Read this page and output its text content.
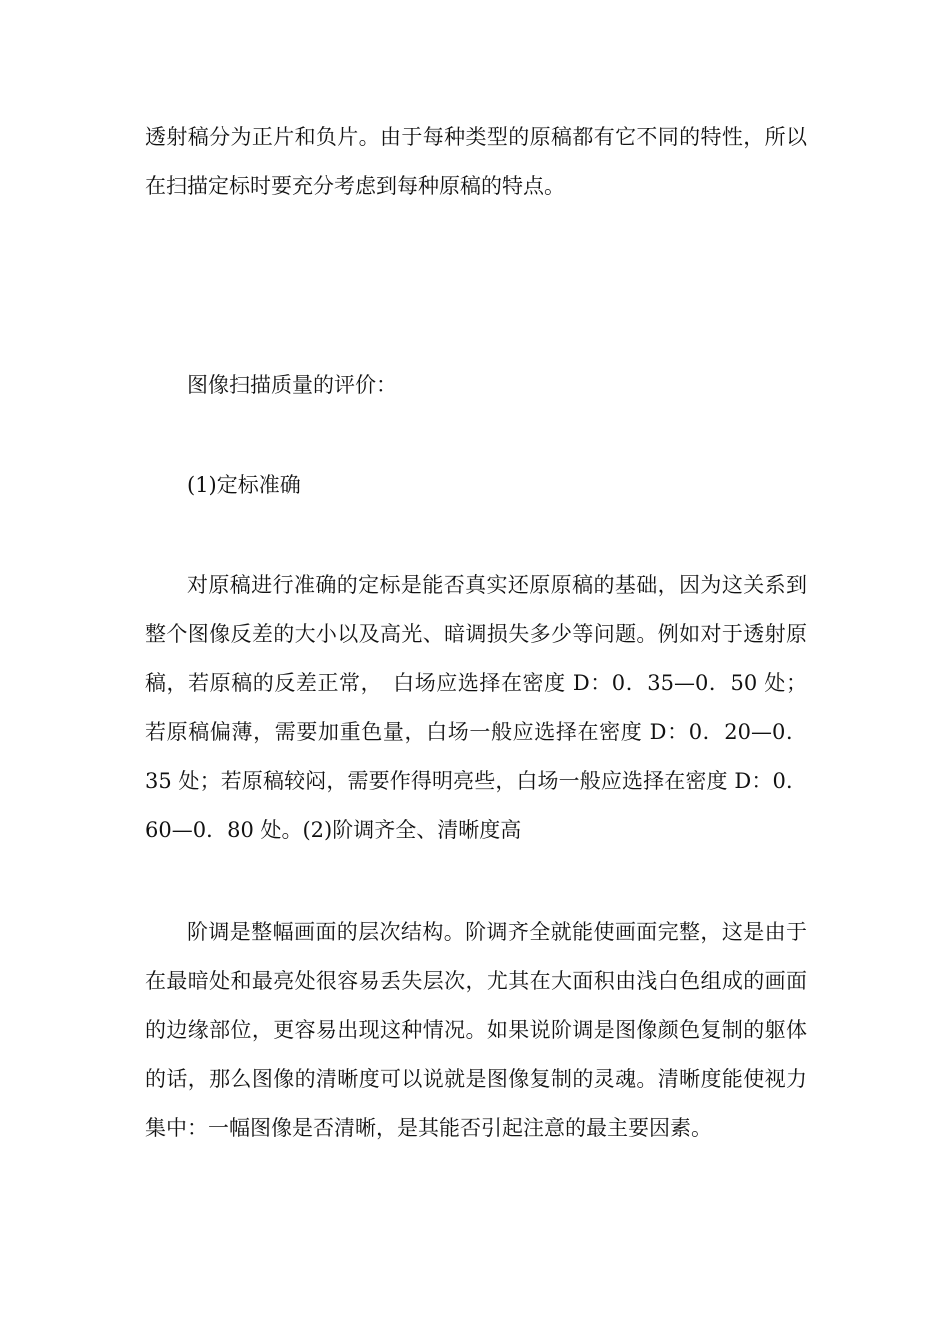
透射稿分为正片和负片。由于每种类型的原稿都有它不同的特性，所以在扫描定标时要充分考虑到每种原稿的特点。

图像扫描质量的评价：

(1)定标准确

对原稿进行准确的定标是能否真实还原原稿的基础，因为这关系到整个图像反差的大小以及高光、暗调损失多少等问题。例如对于透射原稿，若原稿的反差正常，　白场应选择在密度 D：0．35—0．50 处；若原稿偏薄，需要加重色量，白场一般应选择在密度 D：0．20—0．35 处；若原稿较闷，需要作得明亮些，白场一般应选择在密度 D：0．60—0．80 处。(2)阶调齐全、清晰度高

阶调是整幅画面的层次结构。阶调齐全就能使画面完整，这是由于在最暗处和最亮处很容易丢失层次，尤其在大面积由浅白色组成的画面的边缘部位，更容易出现这种情况。如果说阶调是图像颜色复制的躯体的话，那么图像的清晰度可以说就是图像复制的灵魂。清晰度能使视力集中：一幅图像是否清晰，是其能否引起注意的最主要因素。
